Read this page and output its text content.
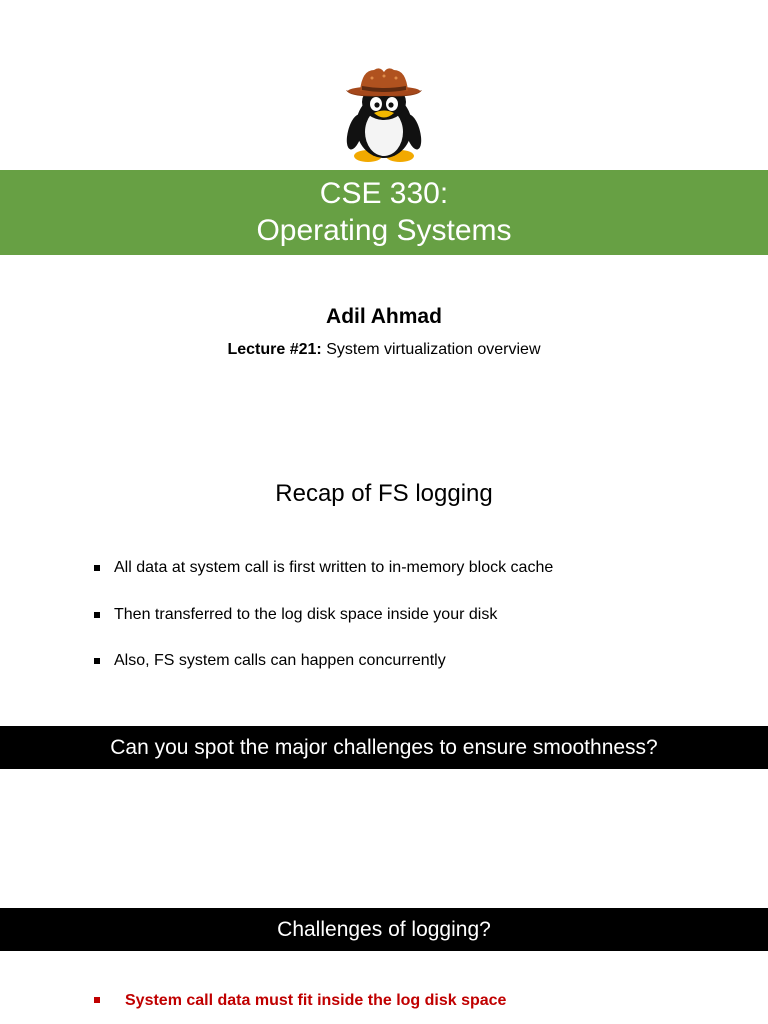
CSE 330:
Operating Systems
Adil Ahmad
Lecture #21: System virtualization overview
Recap of FS logging
All data at system call is first written to in-memory block cache
Then transferred to the log disk space inside your disk
Also, FS system calls can happen concurrently
Can you spot the major challenges to ensure smoothness?
Challenges of logging?
System call data must fit inside the log disk space
